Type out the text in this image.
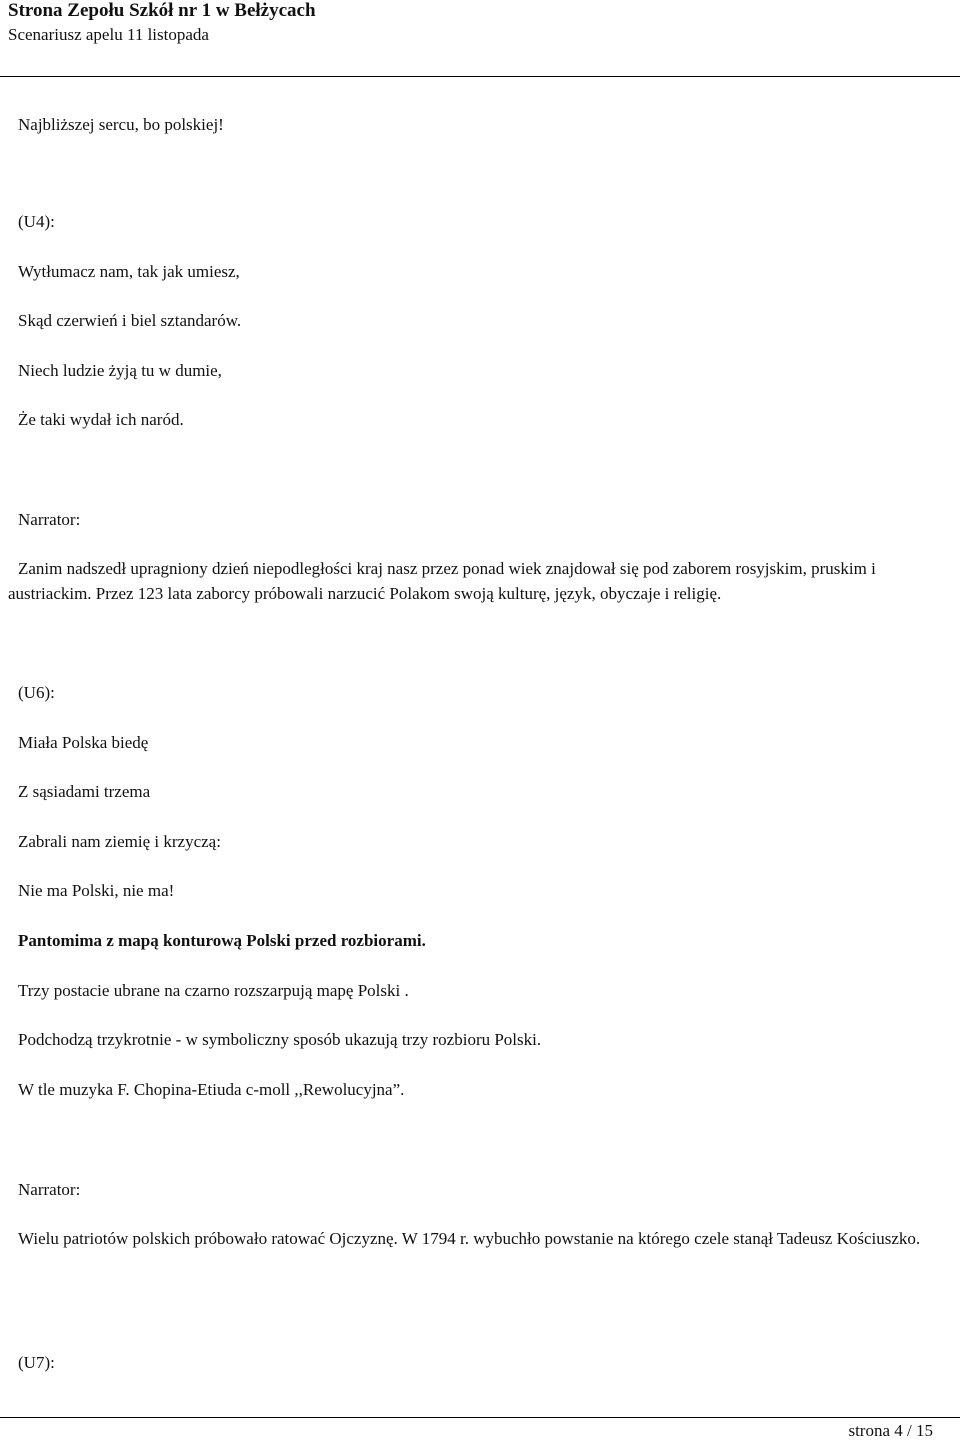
Strona Zepołu Szkół nr 1 w Bełżycach
Scenariusz apelu 11 listopada
Najbliższej sercu, bo polskiej!
(U4):
Wytłumacz nam, tak jak umiesz,
Skąd czerwień i biel sztandarów.
Niech ludzie żyją tu w dumie,
Że taki wydał ich naród.
Narrator:
Zanim nadszedł upragniony dzień niepodległości kraj nasz przez ponad wiek znajdował się pod zaborem rosyjskim, pruskim i austriackim. Przez 123 lata zaborcy próbowali narzucić Polakom swoją kulturę, język, obyczaje i religię.
(U6):
Miała Polska biedę
Z sąsiadami trzema
Zabrali nam ziemię i krzyczą:
Nie ma Polski, nie ma!
Pantomima z mapą konturową Polski przed rozbiorami.
Trzy postacie ubrane na czarno rozszarpują mapę Polski .
Podchodzą trzykrotnie - w symboliczny sposób ukazują trzy rozbioru Polski.
W tle muzyka F. Chopina-Etiuda c-moll ,,Rewolucyjna”.
Narrator:
Wielu patriotów polskich próbowało ratować Ojczyznę. W 1794 r. wybuchło powstanie na którego czele stanął Tadeusz Kościuszko.
(U7):
strona 4 / 15
